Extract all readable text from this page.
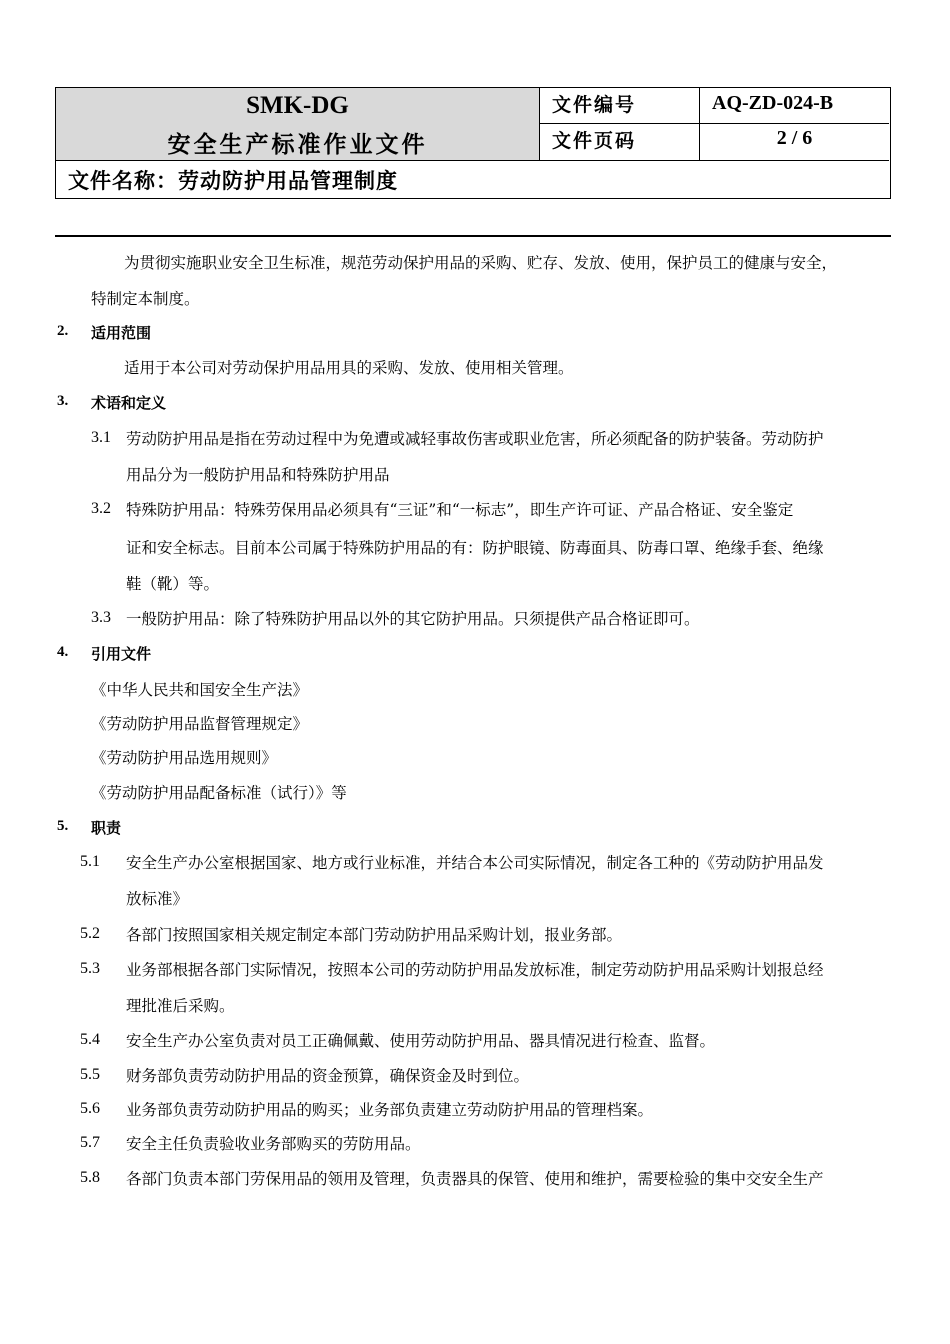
SMK-DG
安全生产标准作业文件
文件编号	AQ-ZD-024-B
文件页码	2 / 6
文件名称：劳动防护用品管理制度
为贯彻实施职业安全卫生标准，规范劳动保护用品的采购、贮存、发放、使用，保护员工的健康与安全，
特制定本制度。
2. 适用范围
适用于本公司对劳动保护用品用具的采购、发放、使用相关管理。
3. 术语和定义
3.1 劳动防护用品是指在劳动过程中为免遭或减轻事故伤害或职业危害，所必须配备的防护装备。劳动防护
用品分为一般防护用品和特殊防护用品
3.2 特殊防护用品：特殊劳保用品必须具有“三证”和“一标志”，即生产许可证、产品合格证、安全鉴定
证和安全标志。目前本公司属于特殊防护用品的有：防护眼镜、防毒面具、防毒口罩、绝缘手套、绝缘
鞋（靴）等。
3.3 一般防护用品：除了特殊防护用品以外的其它防护用品。只须提供产品合格证即可。
4. 引用文件
《中华人民共和国安全生产法》
《劳动防护用品监督管理规定》
《劳动防护用品选用规则》
《劳动防护用品配备标准（试行）》等
5. 职责
5.1 安全生产办公室根据国家、地方或行业标准，并结合本公司实际情况，制定各工种的《劳动防护用品发
放标准》
5.2 各部门按照国家相关规定制定本部门劳动防护用品采购计划，报业务部。
5.3 业务部根据各部门实际情况，按照本公司的劳动防护用品发放标准，制定劳动防护用品采购计划报总经
理批准后采购。
5.4 安全生产办公室负责对员工正确佩戴、使用劳动防护用品、器具情况进行检查、监督。
5.5 财务部负责劳动防护用品的资金预算，确保资金及时到位。
5.6 业务部负责劳动防护用品的购买；业务部负责建立劳动防护用品的管理档案。
5.7 安全主任负责验收业务部购买的劳防用品。
5.8 各部门负责本部门劳保用品的领用及管理，负责器具的保管、使用和维护，需要检验的集中交安全生产
